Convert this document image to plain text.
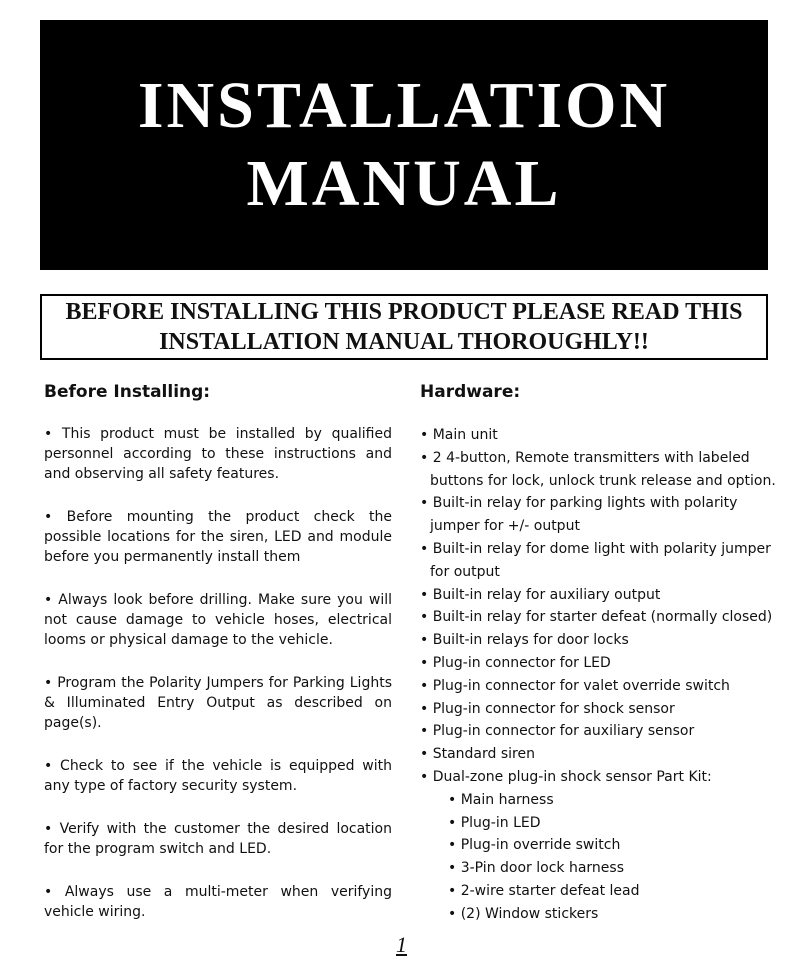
INSTALLATION
MANUAL
BEFORE INSTALLING THIS PRODUCT PLEASE READ THIS
INSTALLATION MANUAL THOROUGHLY!!
Before Installing:

• This product must be installed by qualified personnel according to these instructions and and observing all safety features.

• Before mounting the product check the possible locations for the siren, LED and module before you permanently install them

• Always look before drilling. Make sure you will not cause damage to vehicle hoses, electrical looms or physical damage to the vehicle.

• Program the Polarity Jumpers for Parking Lights & Illuminated Entry Output as described on page(s).

• Check to see if the vehicle is equipped with any type of factory security system.

• Verify with the customer the desired location for the program switch and LED.

• Always use a multi-meter when verifying vehicle wiring.

Hardware:
• Main unit
• 2 4-button, Remote transmitters with labeled buttons for lock, unlock trunk release and option.
• Built-in relay for parking lights with polarity jumper for +/- output
• Built-in relay for dome light with polarity jumper for output
• Built-in relay for auxiliary output
• Built-in relay for starter defeat (normally closed)
• Built-in relays for door locks
• Plug-in connector for LED
• Plug-in connector for valet override switch
• Plug-in connector for shock sensor
• Plug-in connector for auxiliary sensor
• Standard siren
• Dual-zone plug-in shock sensor Part Kit:
• Main harness
• Plug-in LED
• Plug-in override switch
• 3-Pin door lock harness
• 2-wire starter defeat lead
• (2) Window stickers
1
